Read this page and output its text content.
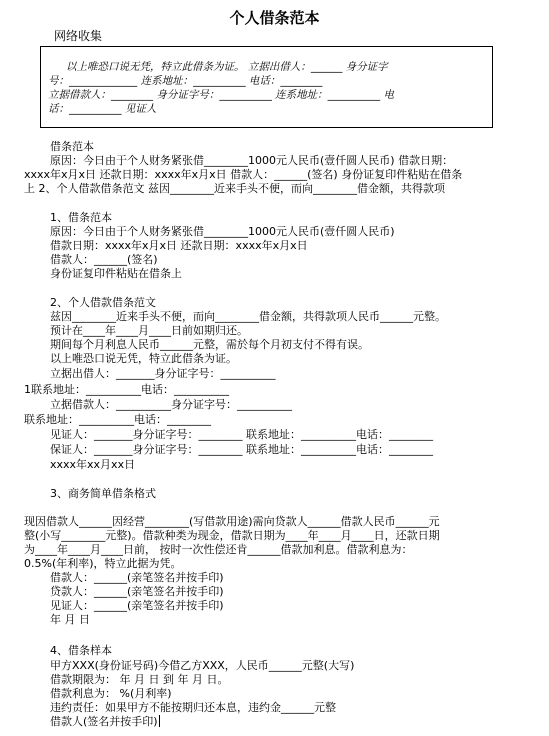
个人借条范本
网络收集
以上唯恐口说无凭，特立此借条为证。 立据出借人：______ 身分证字
号：_____________ 连系地址：__________ 电话：________
立据借款人：________ 身分证字号：__________ 连系地址：__________ 电
话：__________ 见证人
借条范本
原因：今日由于个人财务紧张借________1000元人民币(壹仟圆人民币) 借款日期：
xxxx年x月x日 还款日期：xxxx年x月x日 借款人：______(签名) 身份证复印件粘贴在借条
上 2、个人借款借条范文 兹因________近来手头不便，而向________借金额，共得款项
1、借条范本
原因：今日由于个人财务紧张借________1000元人民币(壹仟圆人民币)
借款日期：xxxx年x月x日 还款日期：xxxx年x月x日
借款人：______(签名)
身份证复印件粘贴在借条上
2、个人借款借条范文
兹因________近来手头不便，而向________借金额，共得款项人民币______元整。
预计在____年____月____日前如期归还。
期间每个月利息人民币______元整，需於每个月初支付不得有误。
以上唯恐口说无凭，特立此借条为证。
立据出借人：_______身分证字号：__________
1联系地址：__________电话：__________
立据借款人：__________身分证字号：__________
联系地址：__________电话：________
见证人：_______身分证字号：________ 联系地址：__________电话：________
保证人：_______身分证字号：________ 联系地址：__________电话：________
xxxx年xx月xx日
3、商务简单借条格式
现因借款人______因经营________(写借款用途)需向贷款人______借款人民币______元
整(小写________元整)。借款种类为现金，借款日期为____年____月____日，还款日期
为____年____月____日前， 按时一次性偿还肯______借款加利息。借款利息为：
0.5%(年利率)，特立此据为凭。
借款人：______(亲笔签名并按手印)
贷款人：______(亲笔签名并按手印)
见证人：______(亲笔签名并按手印)
年 月 日
4、借条样本
甲方XXX(身份证号码)今借乙方XXX，人民币______元整(大写)
借款期限为： 年 月 日 到 年 月 日。
借款利息为： %(月利率)
违约责任：如果甲方不能按期归还本息，违约金______元整
借款人(签名并按手印)
